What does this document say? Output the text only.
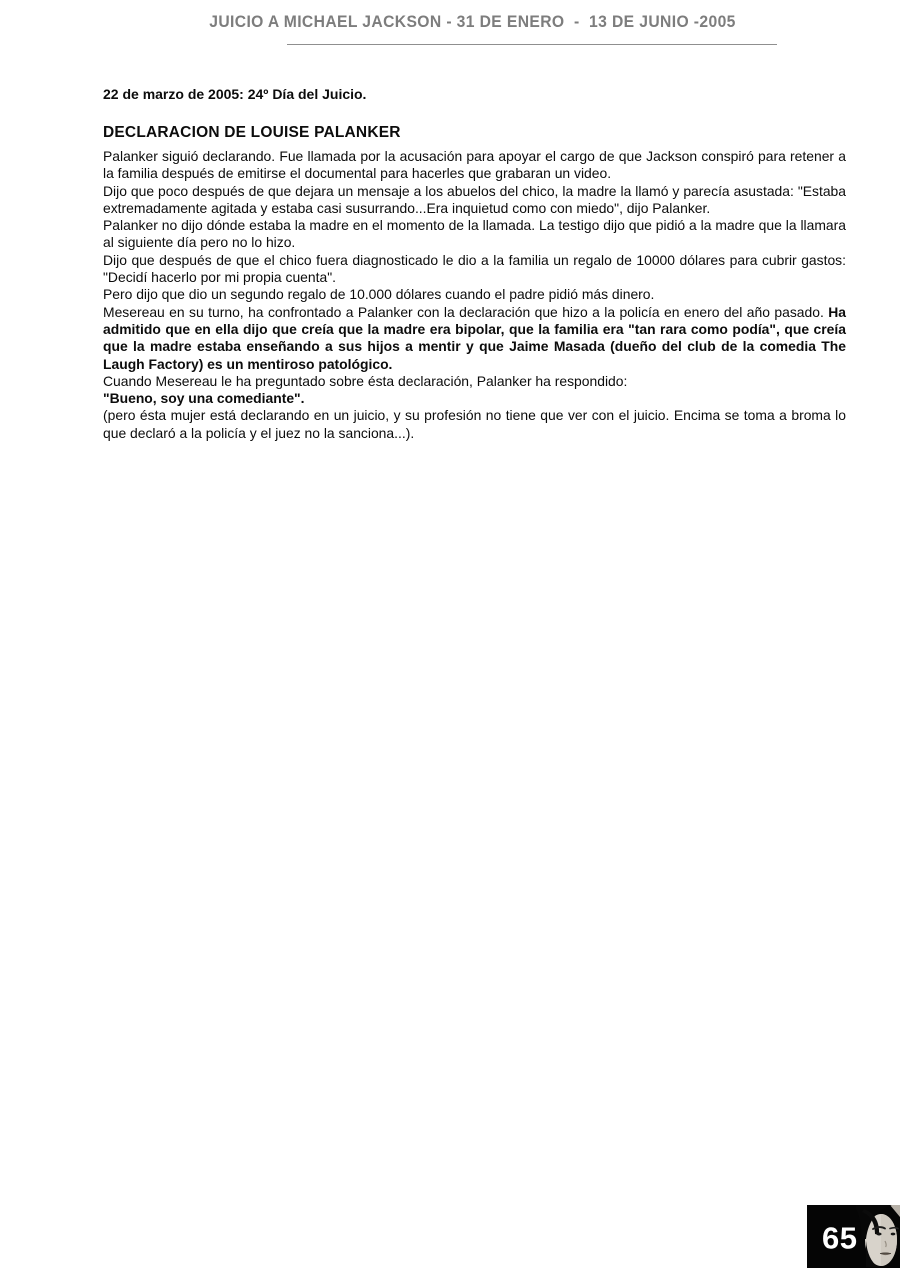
JUICIO A MICHAEL JACKSON - 31 DE ENERO  -  13 DE JUNIO -2005

22 de marzo de 2005: 24º Día del Juicio.

DECLARACION DE LOUISE PALANKER

Palanker siguió declarando. Fue llamada por la acusación para apoyar el cargo de que Jackson conspiró para retener a la familia después de emitirse el documental para hacerles que grabaran un video.

Dijo que poco después de que dejara un mensaje a los abuelos del chico, la madre la llamó y parecía asustada: "Estaba extremadamente agitada y estaba casi susurrando...Era inquietud como con miedo", dijo Palanker.

Palanker no dijo dónde estaba la madre en el momento de la llamada. La testigo dijo que pidió a la madre que la llamara al siguiente día pero no lo hizo.

Dijo que después de que el chico fuera diagnosticado le dio a la familia un regalo de 10000 dólares para cubrir gastos: "Decidí hacerlo por mi propia cuenta".

Pero dijo que dio un segundo regalo de 10.000 dólares cuando el padre pidió más dinero.

Mesereau en su turno, ha confrontado a Palanker con la declaración que hizo a la policía en enero del año pasado. Ha admitido que en ella dijo que creía que la madre era bipolar, que la familia era "tan rara como podía", que creía que la madre estaba enseñando a sus hijos a mentir y que Jaime Masada (dueño del club de la comedia The Laugh Factory) es un mentiroso patológico.

Cuando Mesereau le ha preguntado sobre ésta declaración, Palanker ha respondido:

"Bueno, soy una comediante".

(pero ésta mujer está declarando en un juicio, y su profesión no tiene que ver con el juicio. Encima se toma a broma lo que declaró a la policía y el juez no la sanciona...).

65
